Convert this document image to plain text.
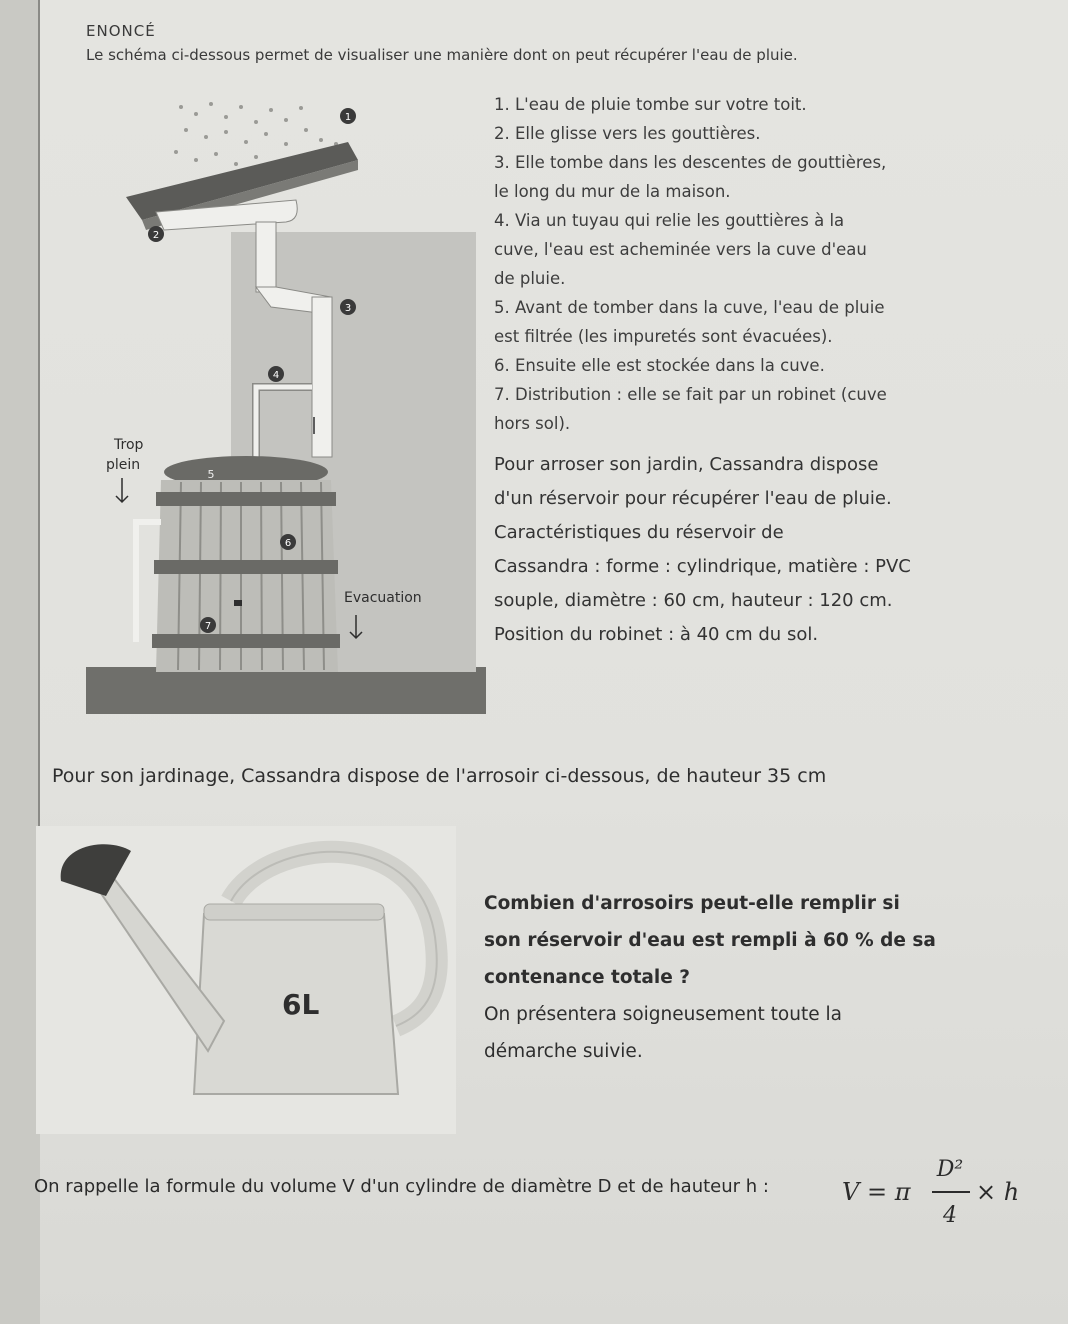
ENONCÉ
Le schéma ci-dessous permet de visualiser une manière dont on peut récupérer l'eau de pluie.
1
2
3
4
5
6
7
Trop
plein
Evacuation
1. L'eau de pluie tombe sur votre toit.
2. Elle glisse vers les gouttières.
3. Elle tombe dans les descentes de gouttières,
le long du mur de la maison.
4. Via un tuyau qui relie les gouttières à la
cuve, l'eau est acheminée vers la cuve d'eau
de pluie.
5. Avant de tomber dans la cuve, l'eau de pluie
est filtrée (les impuretés sont évacuées).
6. Ensuite elle est stockée dans la cuve.
7. Distribution : elle se fait par un robinet (cuve
hors sol).
Pour arroser son jardin, Cassandra dispose
d'un réservoir pour récupérer l'eau de pluie.
Caractéristiques du réservoir de
Cassandra : forme : cylindrique, matière : PVC
souple, diamètre : 60 cm, hauteur : 120 cm.
Position du robinet : à 40 cm du sol.
Pour son jardinage, Cassandra dispose de l'arrosoir ci-dessous, de hauteur 35 cm
6L
Combien d'arrosoirs peut-elle remplir si
son réservoir d'eau est rempli à 60 % de sa
contenance totale ?
On présentera soigneusement toute la
démarche suivie.
On rappelle la formule du volume V d'un cylindre de diamètre D et de hauteur h :	V = π
D²
4
× h
